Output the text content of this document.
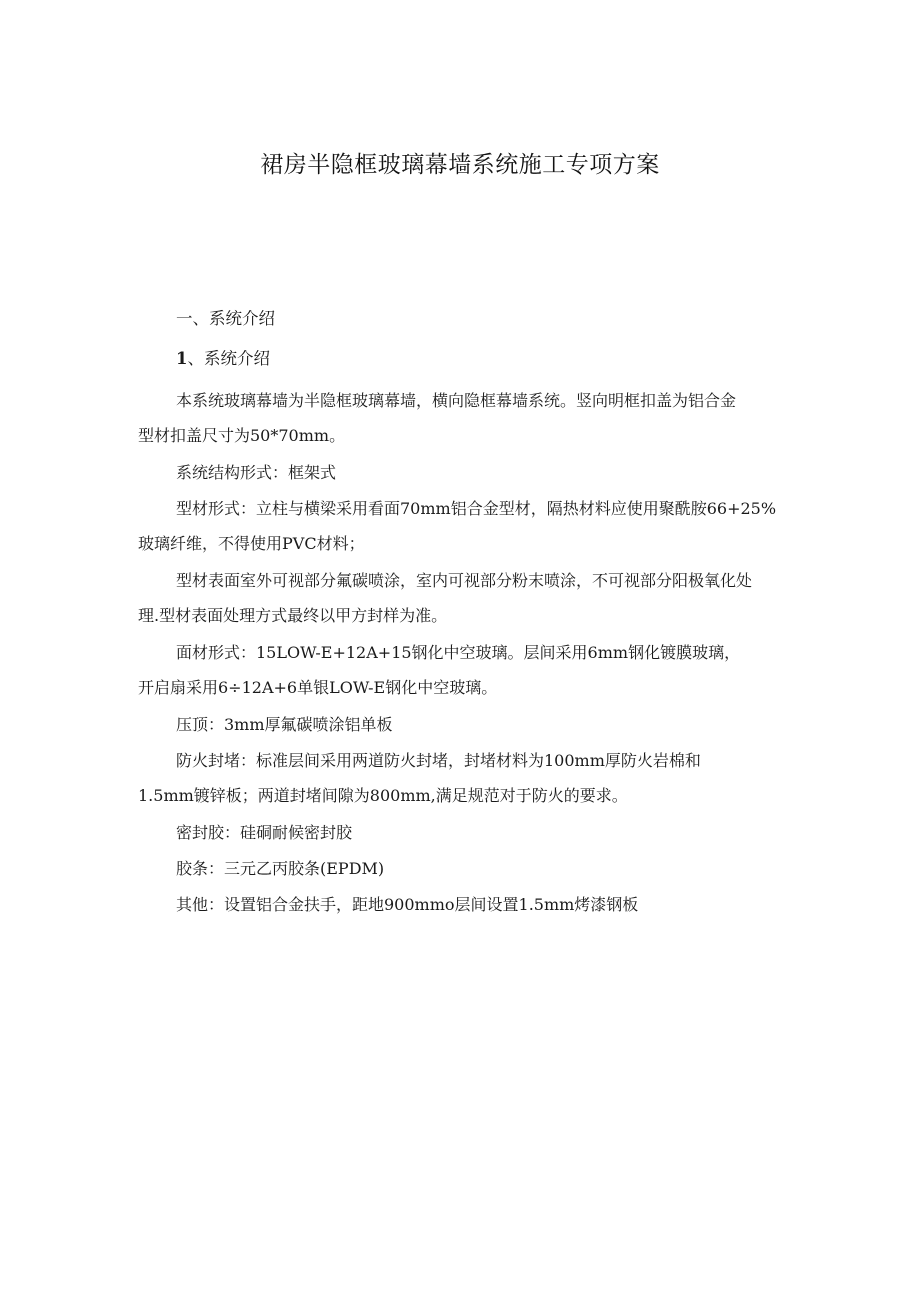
裙房半隐框玻璃幕墙系统施工专项方案
一、系统介绍
1、系统介绍
本系统玻璃幕墙为半隐框玻璃幕墙，横向隐框幕墙系统。竖向明框扣盖为铝合金
型材扣盖尺寸为50*70mm。
系统结构形式：框架式
型材形式：立柱与横梁采用看面70mm铝合金型材，隔热材料应使用聚酰胺66+25%
玻璃纤维，不得使用PVC材料；
型材表面室外可视部分氟碳喷涂，室内可视部分粉末喷涂，不可视部分阳极氧化处
理.型材表面处理方式最终以甲方封样为准。
面材形式：15LOW-E+12A+15钢化中空玻璃。层间采用6mm钢化镀膜玻璃，
开启扇采用6÷12A+6单银LOW-E钢化中空玻璃。
压顶：3mm厚氟碳喷涂铝单板
防火封堵：标准层间采用两道防火封堵，封堵材料为100mm厚防火岩棉和
1.5mm镀锌板；两道封堵间隙为800mm,满足规范对于防火的要求。
密封胶：硅硐耐候密封胶
胶条：三元乙丙胶条(EPDM)
其他：设置铝合金扶手，距地900mmo层间设置1.5mm烤漆钢板
